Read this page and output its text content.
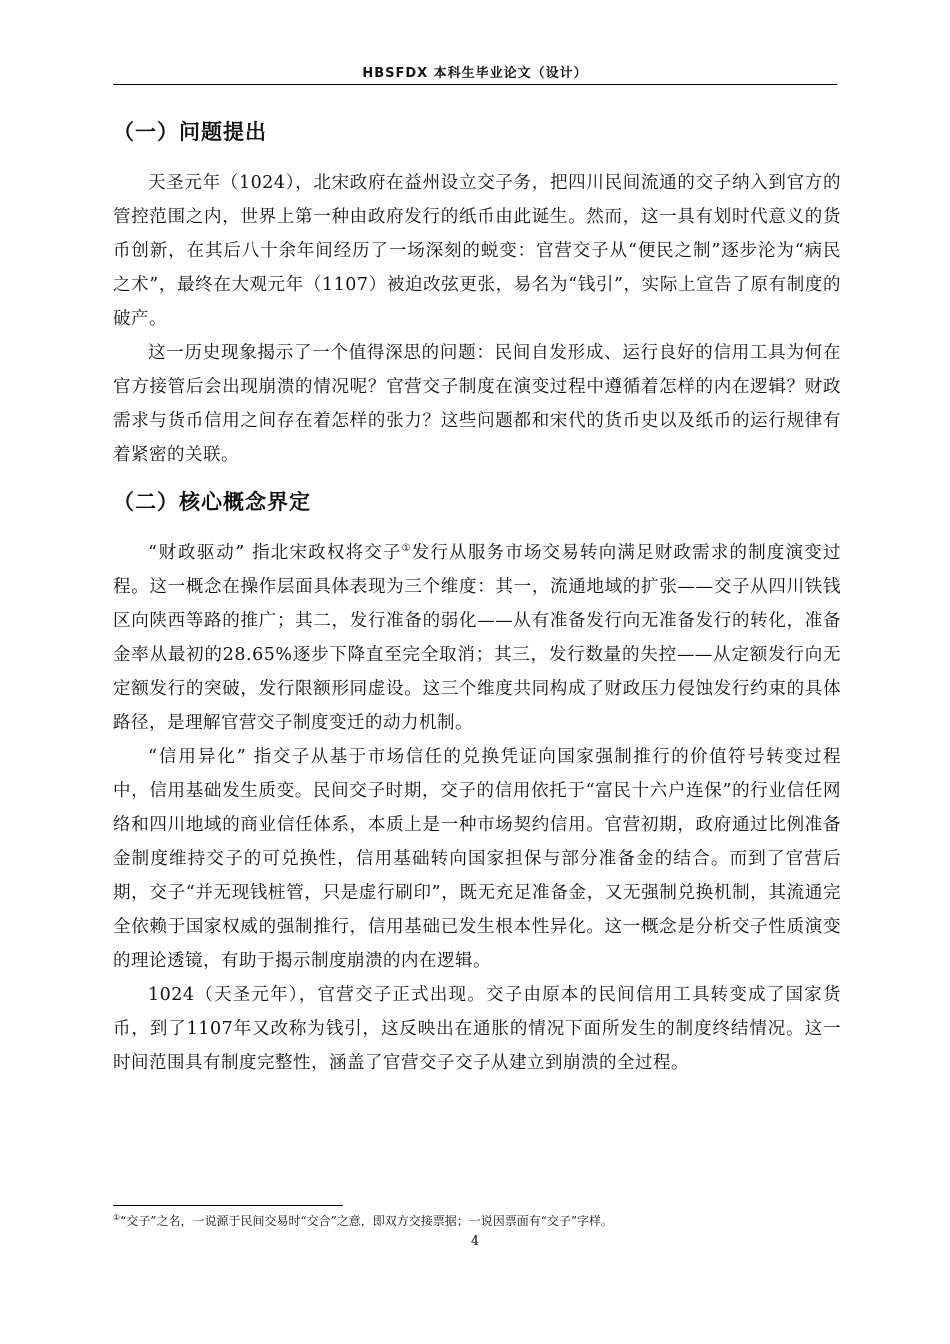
HBSFDX 本科生毕业论文（设计）
（一）问题提出

天圣元年（1024），北宋政府在益州设立交子务，把四川民间流通的交子纳入到官方的管控范围之内，世界上第一种由政府发行的纸币由此诞生。然而，这一具有划时代意义的货币创新，在其后八十余年间经历了一场深刻的蜕变：官营交子从“便民之制”逐步沦为“病民之术”，最终在大观元年（1107）被迫改弦更张，易名为“钱引”，实际上宣告了原有制度的破产。

这一历史现象揭示了一个值得深思的问题：民间自发形成、运行良好的信用工具为何在官方接管后会出现崩溃的情况呢？官营交子制度在演变过程中遵循着怎样的内在逻辑？财政需求与货币信用之间存在着怎样的张力？这些问题都和宋代的货币史以及纸币的运行规律有着紧密的关联。

（二）核心概念界定

“财政驱动” 指北宋政权将交子①发行从服务市场交易转向满足财政需求的制度演变过程。这一概念在操作层面具体表现为三个维度：其一，流通地域的扩张——交子从四川铁钱区向陕西等路的推广；其二，发行准备的弱化——从有准备发行向无准备发行的转化，准备金率从最初的28.65%逐步下降直至完全取消；其三，发行数量的失控——从定额发行向无定额发行的突破，发行限额形同虚设。这三个维度共同构成了财政压力侵蚀发行约束的具体路径，是理解官营交子制度变迁的动力机制。

“信用异化” 指交子从基于市场信任的兑换凭证向国家强制推行的价值符号转变过程中，信用基础发生质变。民间交子时期，交子的信用依托于“富民十六户连保”的行业信任网络和四川地域的商业信任体系，本质上是一种市场契约信用。官营初期，政府通过比例准备金制度维持交子的可兑换性，信用基础转向国家担保与部分准备金的结合。而到了官营后期，交子“并无现钱桩管，只是虚行刷印”，既无充足准备金，又无强制兑换机制，其流通完全依赖于国家权威的强制推行，信用基础已发生根本性异化。这一概念是分析交子性质演变的理论透镜，有助于揭示制度崩溃的内在逻辑。

1024（天圣元年），官营交子正式出现。交子由原本的民间信用工具转变成了国家货币，到了1107年又改称为钱引，这反映出在通胀的情况下面所发生的制度终结情况。这一时间范围具有制度完整性，涵盖了官营交子交子从建立到崩溃的全过程。

①“交子”之名，一说源于民间交易时“交合”之意，即双方交接票据；一说因票面有“交子”字样。
4
